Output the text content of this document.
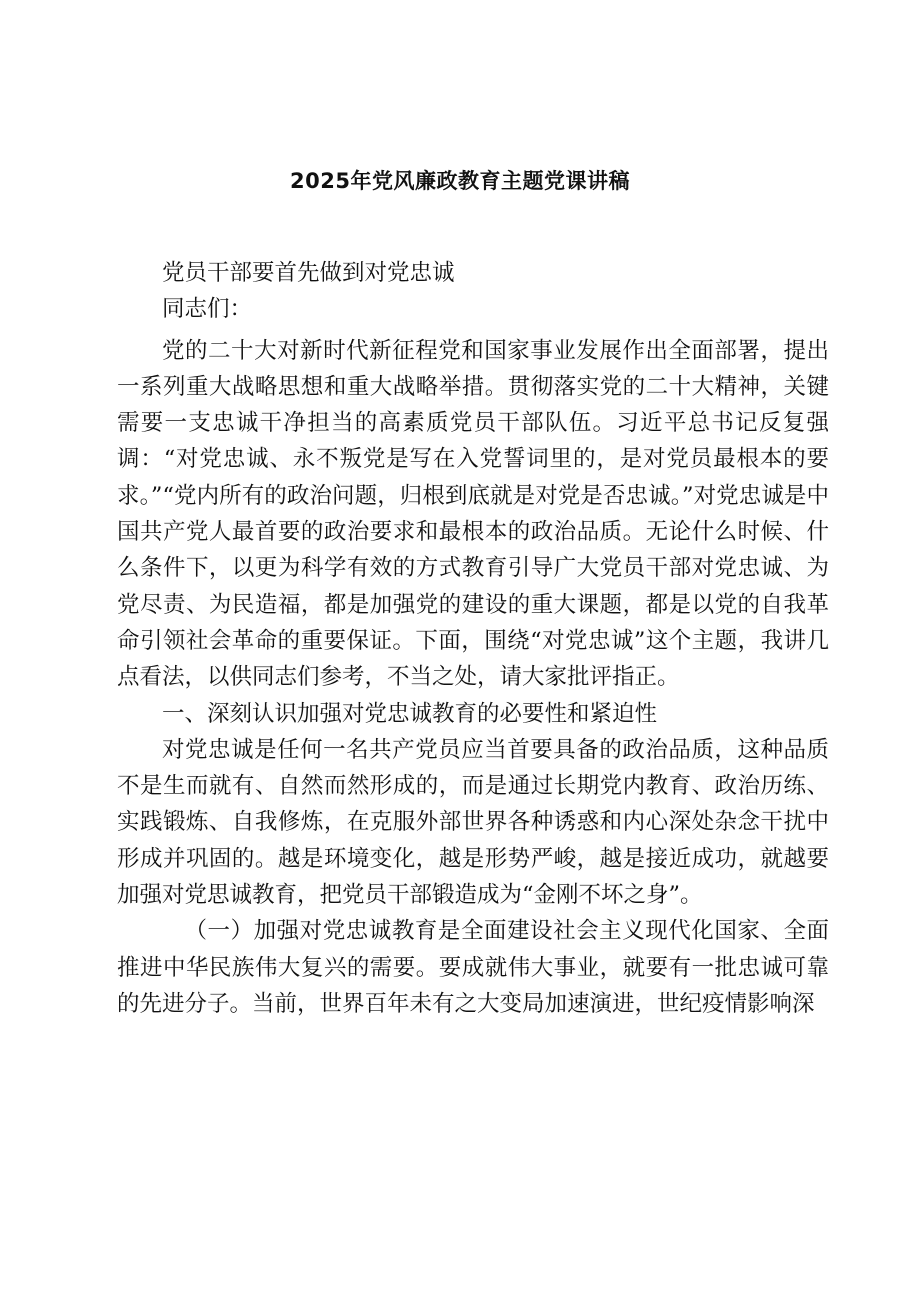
2025年党风廉政教育主题党课讲稿

党员干部要首先做到对党忠诚

同志们：

党的二十大对新时代新征程党和国家事业发展作出全面部署，提出一系列重大战略思想和重大战略举措。贯彻落实党的二十大精神，关键需要一支忠诚干净担当的高素质党员干部队伍。习近平总书记反复强调：“对党忠诚、永不叛党是写在入党誓词里的，是对党员最根本的要求。”“党内所有的政治问题，归根到底就是对党是否忠诚。”对党忠诚是中国共产党人最首要的政治要求和最根本的政治品质。无论什么时候、什么条件下，以更为科学有效的方式教育引导广大党员干部对党忠诚、为党尽责、为民造福，都是加强党的建设的重大课题，都是以党的自我革命引领社会革命的重要保证。下面，围绕“对党忠诚”这个主题，我讲几点看法，以供同志们参考，不当之处，请大家批评指正。

一、深刻认识加强对党忠诚教育的必要性和紧迫性

对党忠诚是任何一名共产党员应当首要具备的政治品质，这种品质不是生而就有、自然而然形成的，而是通过长期党内教育、政治历练、实践锻炼、自我修炼，在克服外部世界各种诱惑和内心深处杂念干扰中形成并巩固的。越是环境变化，越是形势严峻，越是接近成功，就越要加强对党思诚教育，把党员干部锻造成为“金刚不坏之身”。

（一）加强对党忠诚教育是全面建设社会主义现代化国家、全面推进中华民族伟大复兴的需要。要成就伟大事业，就要有一批忠诚可靠的先进分子。当前，世界百年未有之大变局加速演进，世纪疫情影响深
